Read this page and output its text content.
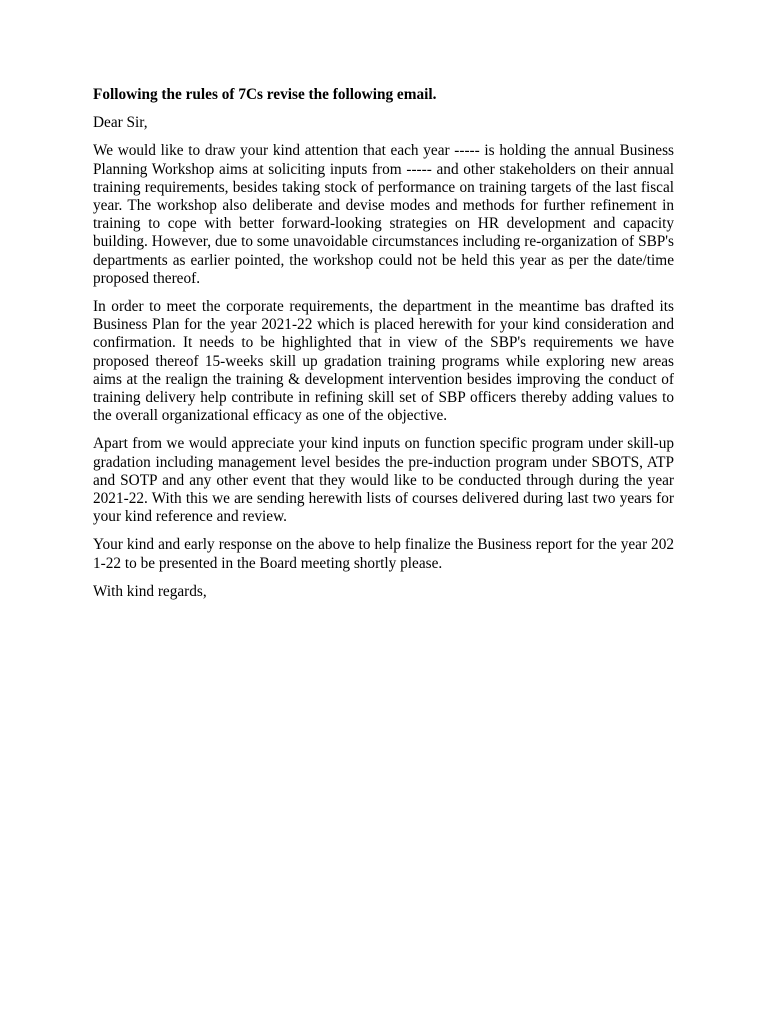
Following the rules of 7Cs revise the following email.

Dear Sir,

We would like to draw your kind attention that each year ----- is holding the annual Business Planning Workshop aims at soliciting inputs from ----- and other stakeholders on their annual training requirements, besides taking stock of performance on training targets of the last fiscal year. The workshop also deliberate and devise modes and methods for further refinement in training to cope with better forward-looking strategies on HR development and capacity building. However, due to some unavoidable circumstances including re-organization of SBP's departments as earlier pointed, the workshop could not be held this year as per the date/time proposed thereof.

In order to meet the corporate requirements, the department in the meantime bas drafted its Business Plan for the year 2021-22 which is placed herewith for your kind consideration and confirmation. It needs to be highlighted that in view of the SBP's requirements we have proposed thereof 15-weeks skill up gradation training programs while exploring new areas aims at the realign the training & development intervention besides improving the conduct of training delivery help contribute in refining skill set of SBP officers thereby adding values to the overall organizational efficacy as one of the objective.

Apart from we would appreciate your kind inputs on function specific program under skill-up gradation including management level besides the pre-induction program under SBOTS, ATP and SOTP and any other event that they would like to be conducted through during the year 2021-22. With this we are sending herewith lists of courses delivered during last two years for your kind reference and review.

Your kind and early response on the above to help finalize the Business report for the year 202 1-22 to be presented in the Board meeting shortly please.

With kind regards,
